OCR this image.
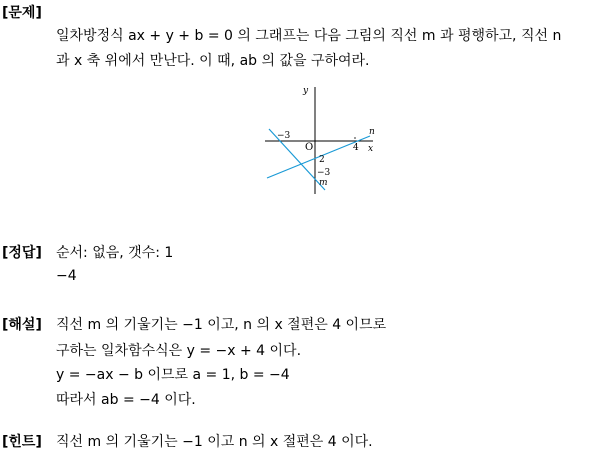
[문제]
일차방정식 ax + y + b = 0 의 그래프는 다음 그림의 직선 m 과 평행하고, 직선 n
과 x 축 위에서 만난다. 이 때, ab 의 값을 구하여라.
y
x
O
−3
4
2
−3
m
n
[정답] 순서: 없음, 갯수: 1
−4
[해설] 직선 m 의 기울기는 −1 이고, n 의 x 절편은 4 이므로
구하는 일차함수식은 y = −x + 4 이다.
y = −ax − b 이므로 a = 1, b = −4
따라서 ab = −4 이다.
[힌트] 직선 m 의 기울기는 −1 이고 n 의 x 절편은 4 이다.
